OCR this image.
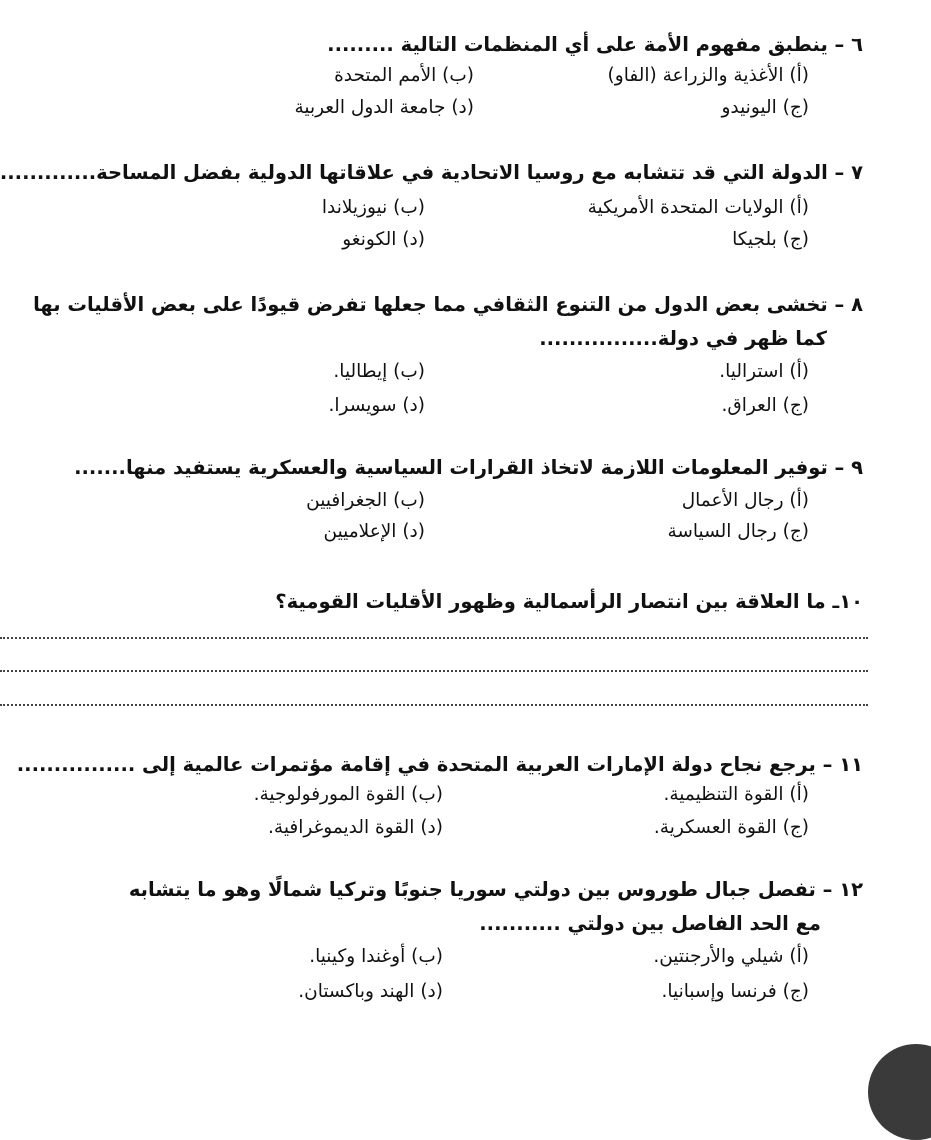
٦ – ينطبق مفهوم الأمة على أي المنظمات التالية .........
(أ) الأغذية والزراعة (الفاو)
(ب) الأمم المتحدة
(ج) اليونيدو
(د) جامعة الدول العربية
٧ – الدولة التي قد تتشابه مع روسيا الاتحادية في علاقاتها الدولية بفضل المساحة.............
(أ) الولايات المتحدة الأمريكية
(ب) نيوزيلاندا
(ج) بلجيكا
(د) الكونغو
٨ – تخشى بعض الدول من التنوع الثقافي مما جعلها تفرض قيودًا على بعض الأقليات بها
كما ظهر في دولة................
(أ) استراليا.
(ب) إيطاليا.
(ج) العراق.
(د) سويسرا.
٩ – توفير المعلومات اللازمة لاتخاذ القرارات السياسية والعسكرية يستفيد منها.......
(أ) رجال الأعمال
(ب) الجغرافيين
(ج) رجال السياسة
(د) الإعلاميين
١٠ـ ما العلاقة بين انتصار الرأسمالية وظهور الأقليات القومية؟
١١ – يرجع نجاح دولة الإمارات العربية المتحدة في إقامة مؤتمرات عالمية إلى ................
(أ) القوة التنظيمية.
(ب) القوة المورفولوجية.
(ج) القوة العسكرية.
(د) القوة الديموغرافية.
١٢ – تفصل جبال طوروس بين دولتي سوريا جنوبًا وتركيا شمالًا وهو ما يتشابه
مع الحد الفاصل بين دولتي ...........
(أ) شيلي والأرجنتين.
(ب) أوغندا وكينيا.
(ج) فرنسا وإسبانيا.
(د) الهند وباكستان.
